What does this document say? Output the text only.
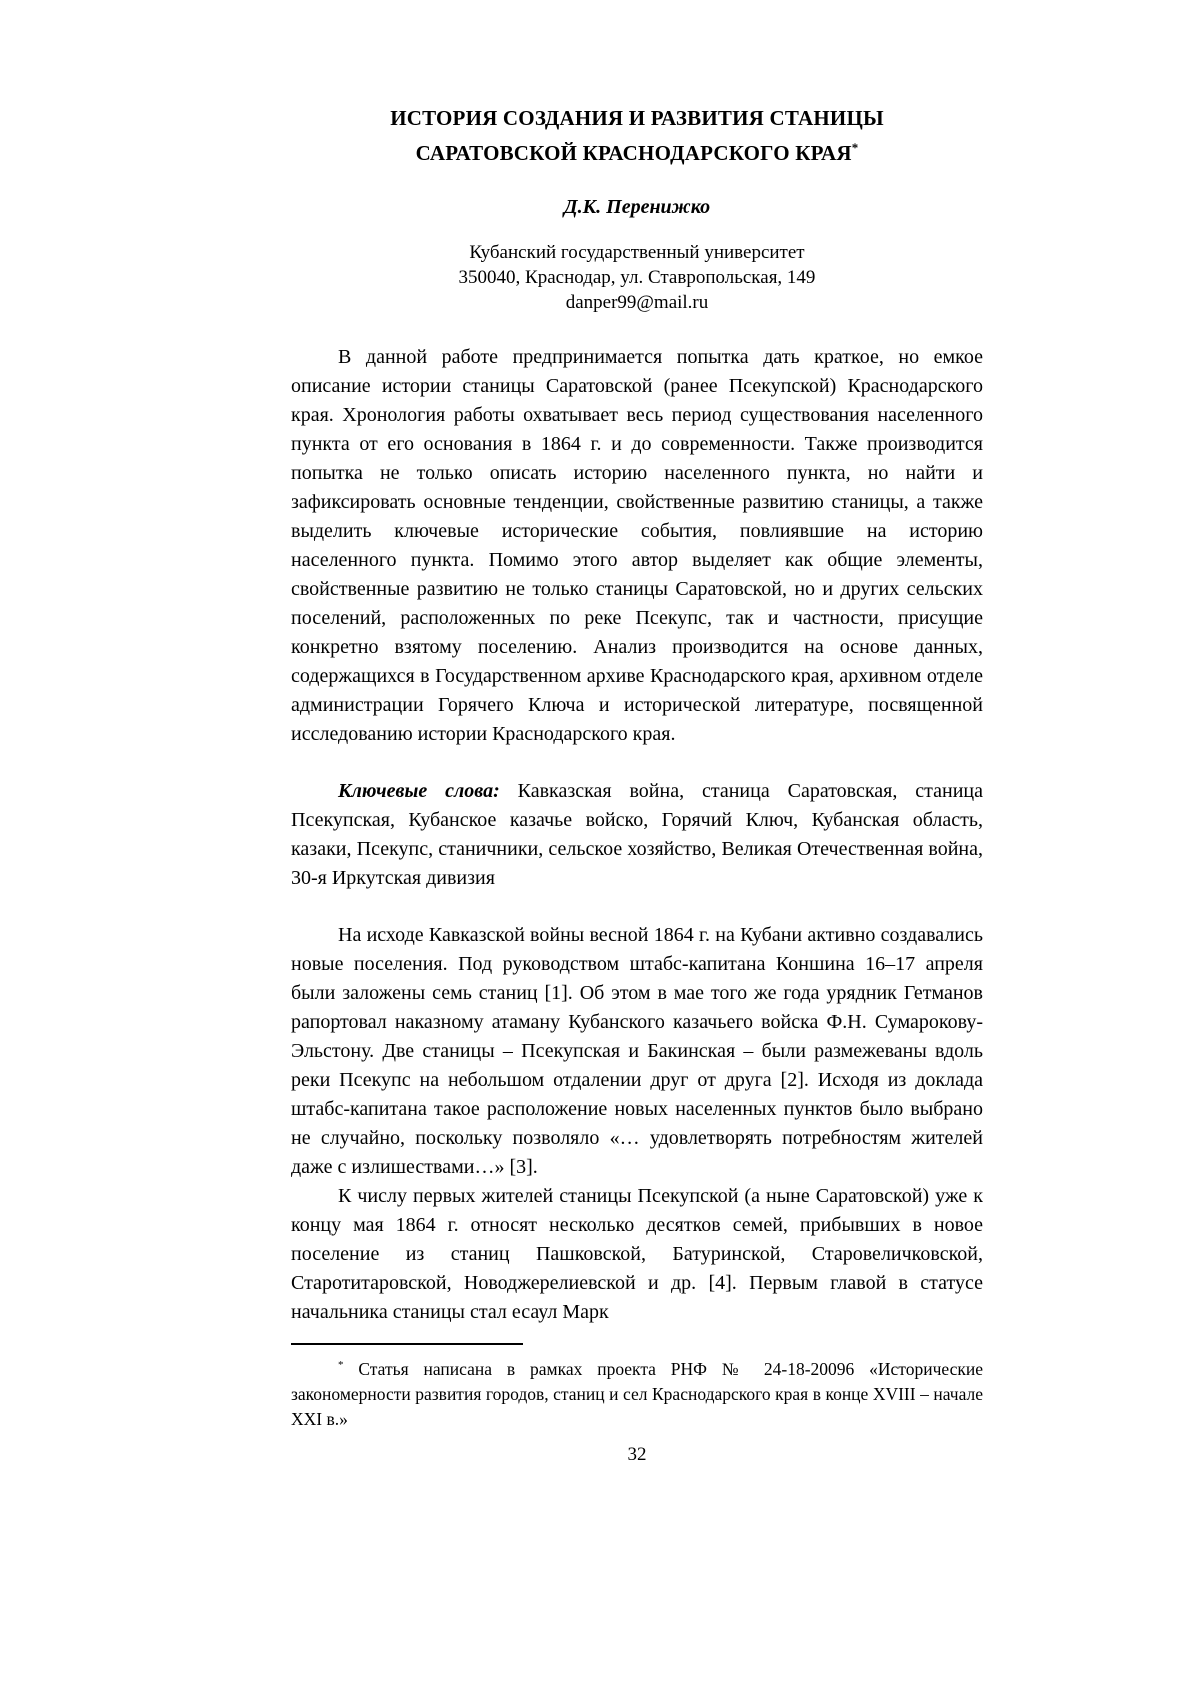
ИСТОРИЯ СОЗДАНИЯ И РАЗВИТИЯ СТАНИЦЫ
САРАТОВСКОЙ КРАСНОДАРСКОГО КРАЯ*

Д.К. Перенижко

Кубанский государственный университет
350040, Краснодар, ул. Ставропольская, 149
danper99@mail.ru

В данной работе предпринимается попытка дать краткое, но емкое описание истории станицы Саратовской (ранее Псекупской) Краснодарского края. Хронология работы охватывает весь период существования населенного пункта от его основания в 1864 г. и до современности. Также производится попытка не только описать историю населенного пункта, но найти и зафиксировать основные тенденции, свойственные развитию станицы, а также выделить ключевые исторические события, повлиявшие на историю населенного пункта. Помимо этого автор выделяет как общие элементы, свойственные развитию не только станицы Саратовской, но и других сельских поселений, расположенных по реке Псекупс, так и частности, присущие конкретно взятому поселению. Анализ производится на основе данных, содержащихся в Государственном архиве Краснодарского края, архивном отделе администрации Горячего Ключа и исторической литературе, посвященной исследованию истории Краснодарского края.

Ключевые слова: Кавказская война, станица Саратовская, станица Псекупская, Кубанское казачье войско, Горячий Ключ, Кубанская область, казаки, Псекупс, станичники, сельское хозяйство, Великая Отечественная война, 30-я Иркутская дивизия

На исходе Кавказской войны весной 1864 г. на Кубани активно создавались новые поселения. Под руководством штабс-капитана Коншина 16–17 апреля были заложены семь станиц [1]. Об этом в мае того же года урядник Гетманов рапортовал наказному атаману Кубанского казачьего войска Ф.Н. Сумарокову-Эльстону. Две станицы – Псекупская и Бакинская – были размежеваны вдоль реки Псекупс на небольшом отдалении друг от друга [2]. Исходя из доклада штабс-капитана такое расположение новых населенных пунктов было выбрано не случайно, поскольку позволяло «… удовлетворять потребностям жителей даже с излишествами…» [3].

К числу первых жителей станицы Псекупской (а ныне Саратовской) уже к концу мая 1864 г. относят несколько десятков семей, прибывших в новое поселение из станиц Пашковской, Батуринской, Старовеличковской, Старотитаровской, Новоджерелиевской и др. [4]. Первым главой в статусе начальника станицы стал есаул Марк

* Статья написана в рамках проекта РНФ № 24-18-20096 «Исторические закономерности развития городов, станиц и сел Краснодарского края в конце XVIII – начале XXI в.»

32
